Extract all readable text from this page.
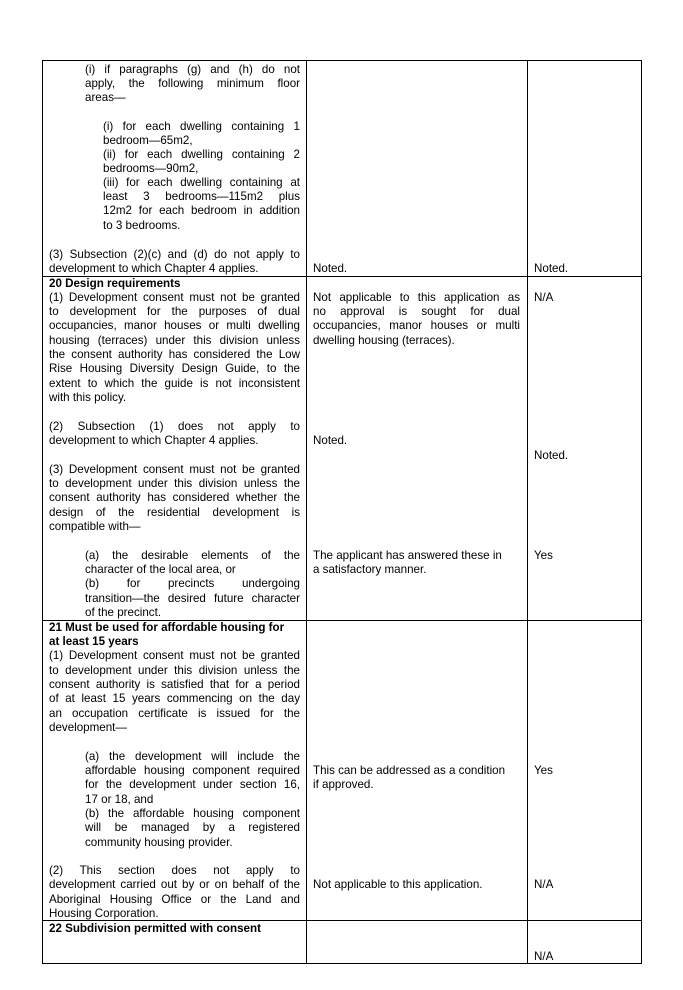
(i) if paragraphs (g) and (h) do not
apply, the following minimum floor
areas—
(i) for each dwelling containing 1
bedroom—65m2,
(ii) for each dwelling containing 2
bedrooms—90m2,
(iii) for each dwelling containing at
least 3 bedrooms—115m2 plus
12m2 for each bedroom in addition
to 3 bedrooms.
(3) Subsection (2)(c) and (d) do not apply to
development to which Chapter 4 applies.	Noted.	Noted.
20 Design requirements
(1) Development consent must not be granted
to development for the purposes of dual
occupancies, manor houses or multi dwelling
housing (terraces) under this division unless
the consent authority has considered the Low
Rise Housing Diversity Design Guide, to the
extent to which the guide is not inconsistent
with this policy.
(2) Subsection (1) does not apply to
development to which Chapter 4 applies.
(3) Development consent must not be granted
to development under this division unless the
consent authority has considered whether the
design of the residential development is
compatible with—
(a) the desirable elements of the
character of the local area, or
(b) for precincts undergoing
transition—the desired future character
of the precinct.
Not applicable to this application as
no approval is sought for dual
occupancies, manor houses or multi
dwelling housing (terraces).
Noted.
The applicant has answered these in
a satisfactory manner.
N/A
Noted.
Yes
21 Must be used for affordable housing for
at least 15 years
(1) Development consent must not be granted
to development under this division unless the
consent authority is satisfied that for a period
of at least 15 years commencing on the day
an occupation certificate is issued for the
development—
(a) the development will include the
affordable housing component required
for the development under section 16,
17 or 18, and
(b) the affordable housing component
will be managed by a registered
community housing provider.
(2) This section does not apply to
development carried out by or on behalf of the
Aboriginal Housing Office or the Land and
Housing Corporation.
This can be addressed as a condition
if approved.
Not applicable to this application.
Yes
N/A
22 Subdivision permitted with consent
N/A
